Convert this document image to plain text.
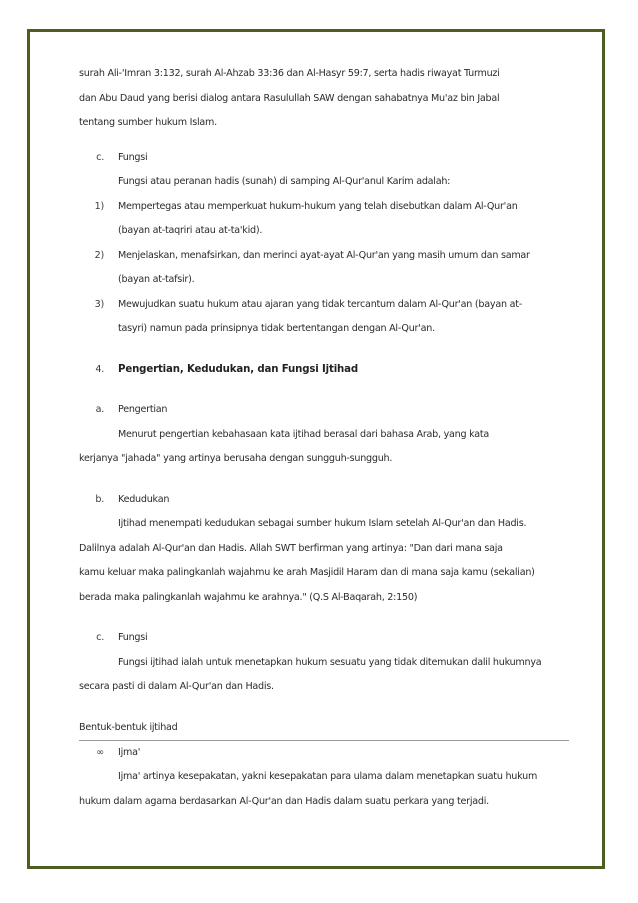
surah Ali-'Imran 3:132, surah Al-Ahzab 33:36 dan Al-Hasyr 59:7, serta hadis riwayat Turmuzi

dan Abu Daud yang berisi dialog antara Rasulullah SAW dengan sahabatnya Mu'az bin Jabal

tentang sumber hukum Islam.

c.	Fungsi
Fungsi atau peranan hadis (sunah) di samping Al-Qur'anul Karim adalah:
1)	Mempertegas atau memperkuat hukum-hukum yang telah disebutkan dalam Al-Qur'an
(bayan at-taqriri atau at-ta'kid).
2)	Menjelaskan, menafsirkan, dan merinci ayat-ayat Al-Qur'an yang masih umum dan samar
(bayan at-tafsir).
3)	Mewujudkan suatu hukum atau ajaran yang tidak tercantum dalam Al-Qur'an (bayan at-
tasyri) namun pada prinsipnya tidak bertentangan dengan Al-Qur'an.
4.	Pengertian, Kedudukan, dan Fungsi Ijtihad
a.	Pengertian

Menurut pengertian kebahasaan kata ijtihad berasal dari bahasa Arab, yang kata

kerjanya "jahada" yang artinya berusaha dengan sungguh-sungguh.

b.	Kedudukan

Ijtihad menempati kedudukan sebagai sumber hukum Islam setelah Al-Qur'an dan Hadis.

Dalilnya adalah Al-Qur'an dan Hadis. Allah SWT berfirman yang artinya: "Dan dari mana saja

kamu keluar maka palingkanlah wajahmu ke arah Masjidil Haram dan di mana saja kamu (sekalian)

berada maka palingkanlah wajahmu ke arahnya." (Q.S Al-Baqarah, 2:150)

c.	Fungsi

Fungsi ijtihad ialah untuk menetapkan hukum sesuatu yang tidak ditemukan dalil hukumnya

secara pasti di dalam Al-Qur'an dan Hadis.

Bentuk-bentuk ijtihad

∞	Ijma'

Ijma' artinya kesepakatan, yakni kesepakatan para ulama dalam menetapkan suatu hukum

hukum dalam agama berdasarkan Al-Qur'an dan Hadis dalam suatu perkara yang terjadi.
